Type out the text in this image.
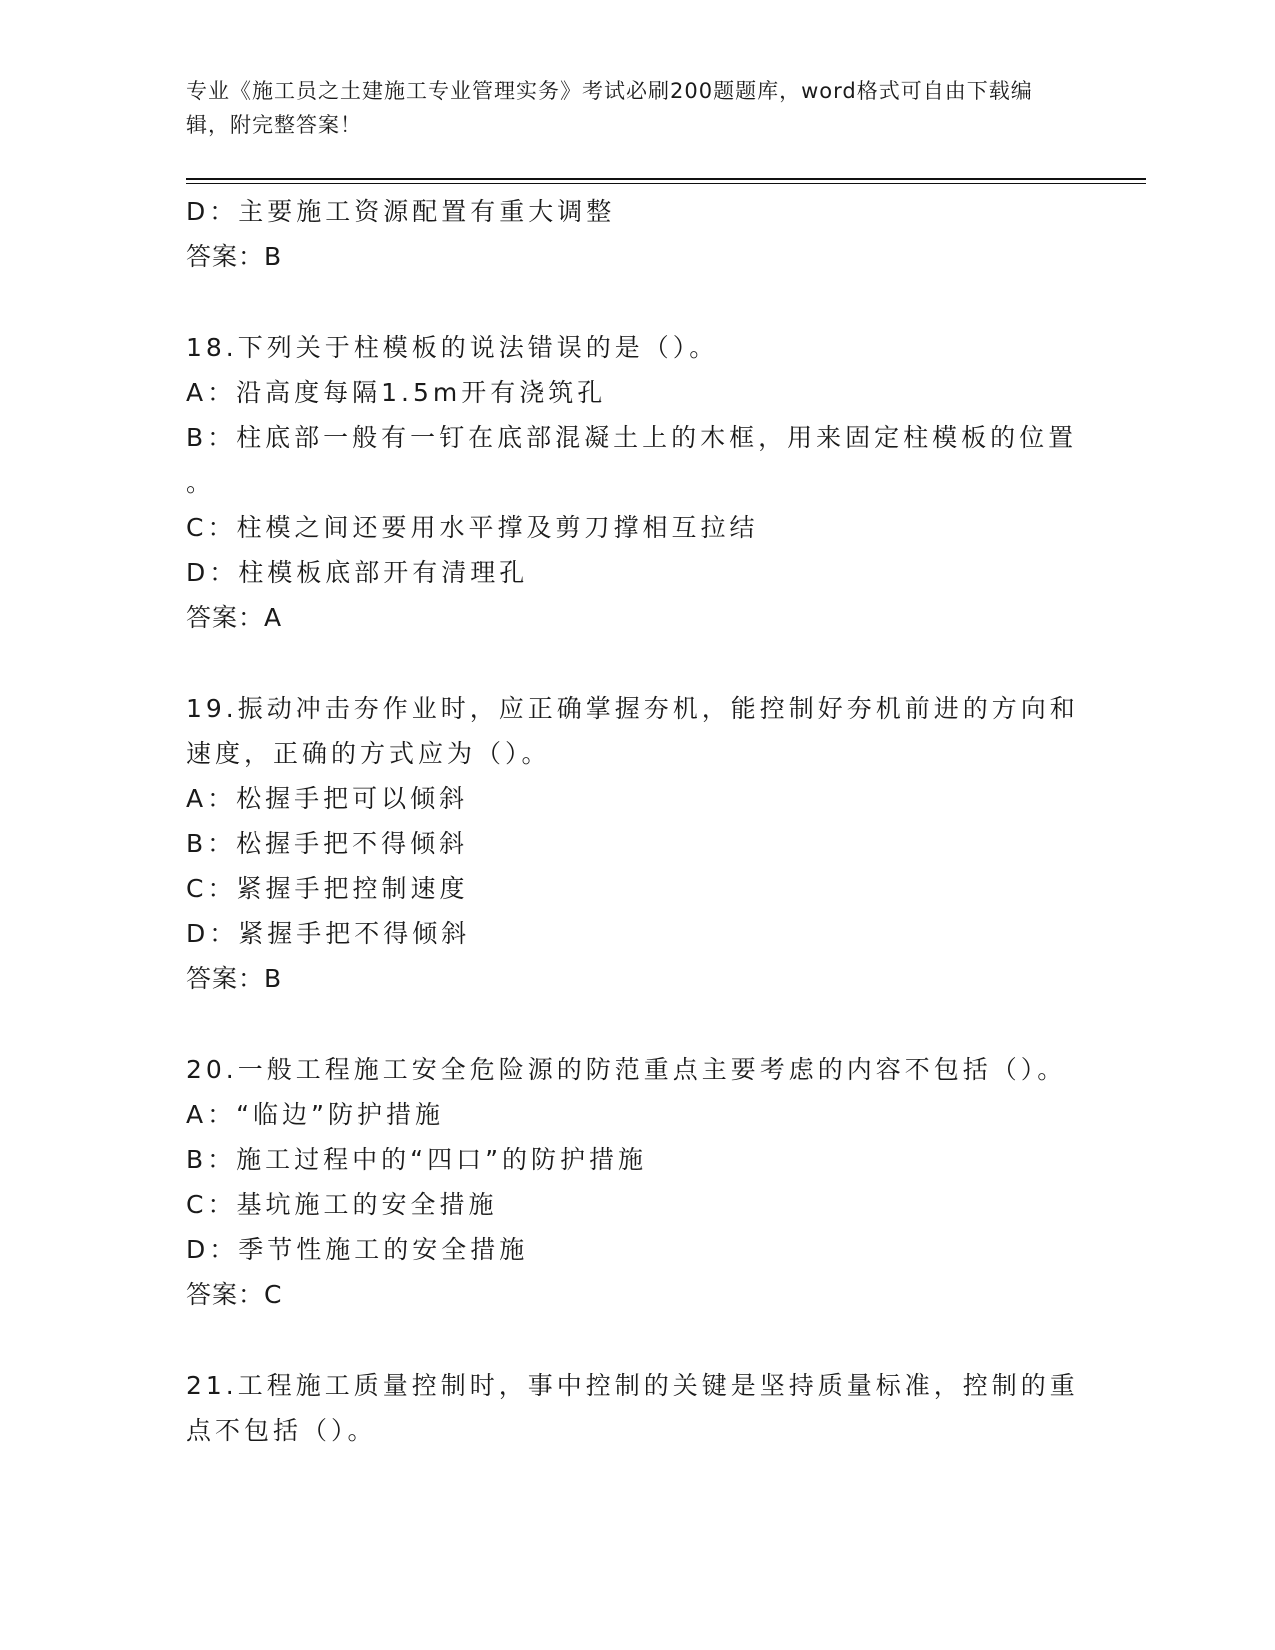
专业《施工员之土建施工专业管理实务》考试必刷200题题库，word格式可自由下载编辑，附完整答案！
D：主要施工资源配置有重大调整
答案：B
18.下列关于柱模板的说法错误的是（）。
A：沿高度每隔1.5m开有浇筑孔
B：柱底部一般有一钉在底部混凝土上的木框，用来固定柱模板的位置
。
C：柱模之间还要用水平撑及剪刀撑相互拉结
D：柱模板底部开有清理孔
答案：A
19.振动冲击夯作业时，应正确掌握夯机，能控制好夯机前进的方向和速度，正确的方式应为（）。
A：松握手把可以倾斜
B：松握手把不得倾斜
C：紧握手把控制速度
D：紧握手把不得倾斜
答案：B
20.一般工程施工安全危险源的防范重点主要考虑的内容不包括（）。
A：“临边”防护措施
B：施工过程中的“四口”的防护措施
C：基坑施工的安全措施
D：季节性施工的安全措施
答案：C
21.工程施工质量控制时，事中控制的关键是坚持质量标准，控制的重点不包括（）。
